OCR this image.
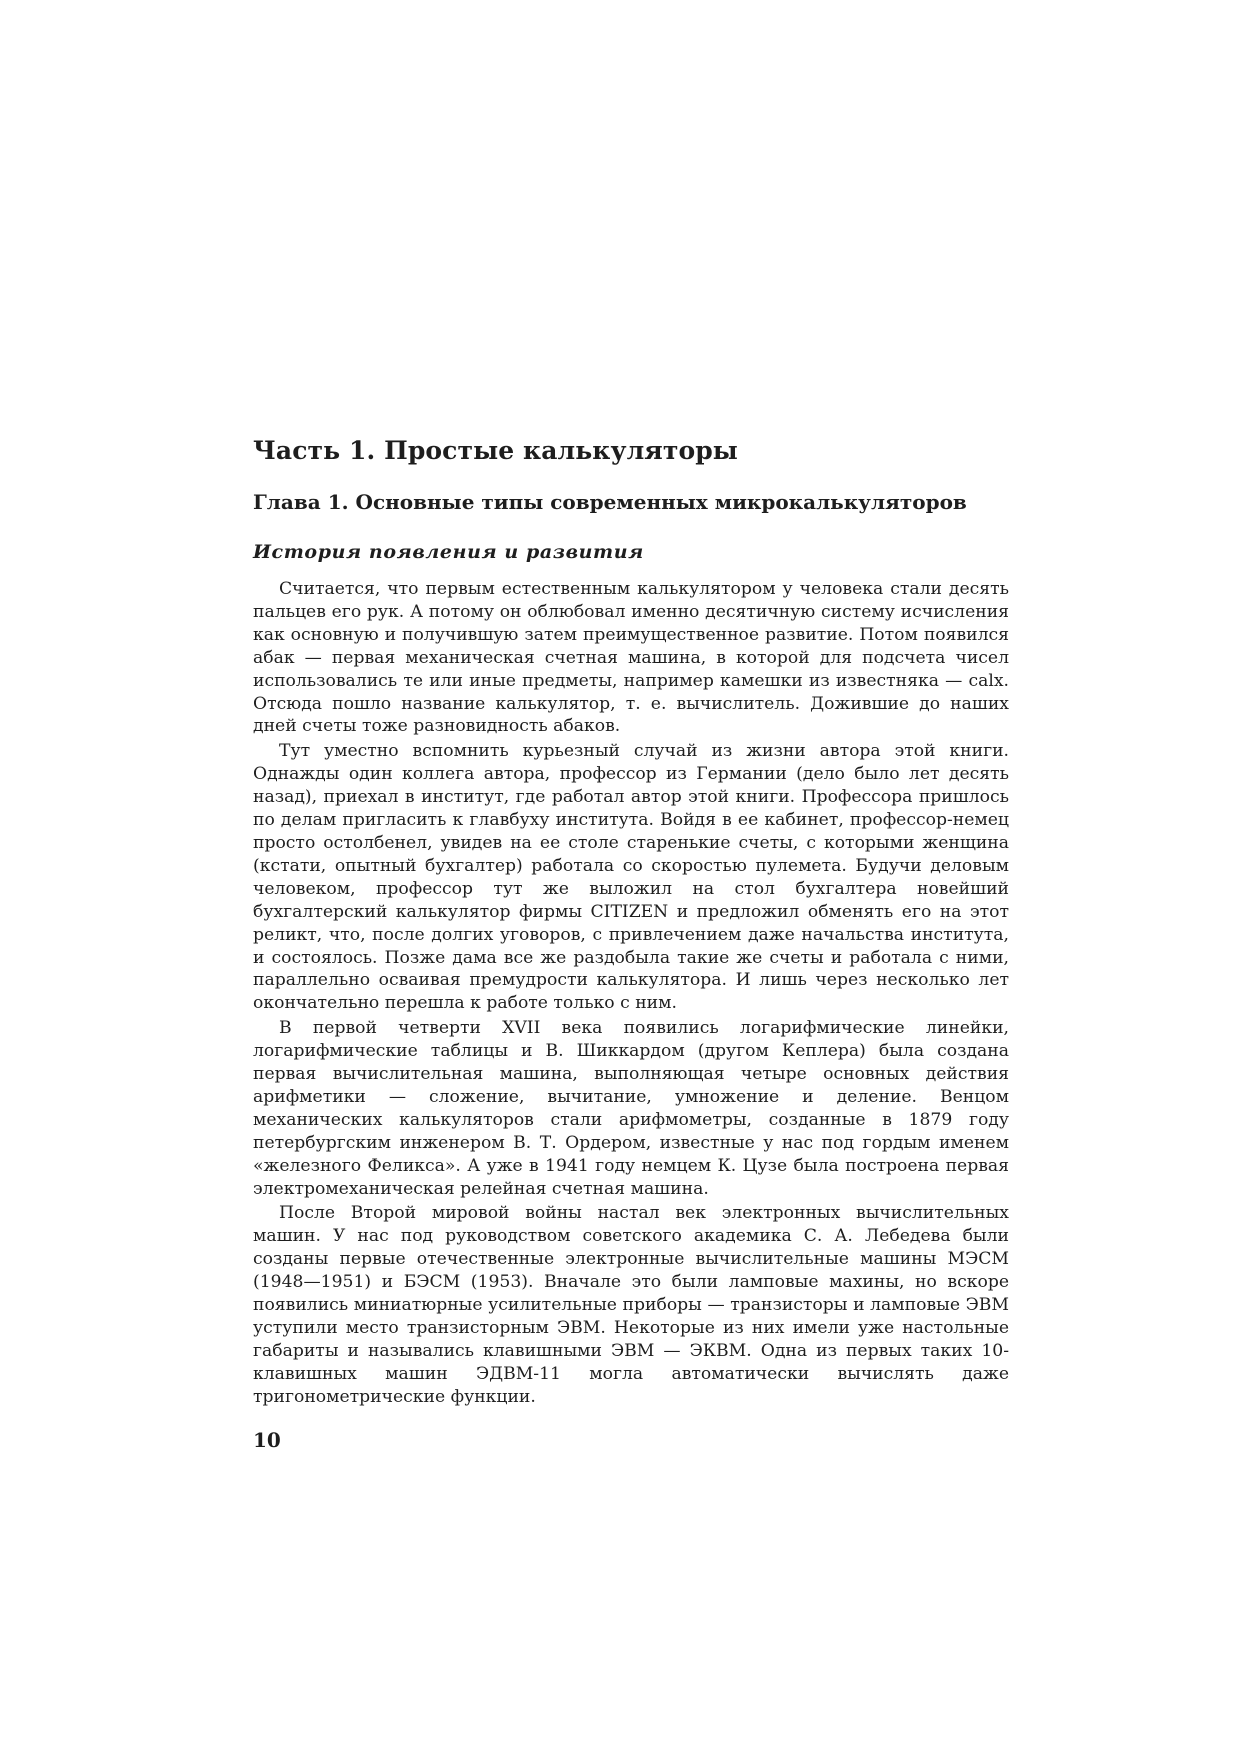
Часть 1. Простые калькуляторы
Глава 1. Основные типы современных микрокалькуляторов
История появления и развития

Считается, что первым естественным калькулятором у человека стали десять пальцев его рук. А потому он облюбовал именно десятичную систему исчисления как основную и получившую затем преимущественное развитие. Потом появился абак — первая механическая счетная машина, в которой для подсчета чисел использовались те или иные предметы, например камешки из известняка — calx. Отсюда пошло название калькулятор, т. е. вычислитель. Дожившие до наших дней счеты тоже разновидность абаков.

Тут уместно вспомнить курьезный случай из жизни автора этой книги. Однажды один коллега автора, профессор из Германии (дело было лет десять назад), приехал в институт, где работал автор этой книги. Профессора пришлось по делам пригласить к главбуху института. Войдя в ее кабинет, профессор-немец просто остолбенел, увидев на ее столе старенькие счеты, с которыми женщина (кстати, опытный бухгалтер) работала со скоростью пулемета. Будучи деловым человеком, профессор тут же выложил на стол бухгалтера новейший бухгалтерский калькулятор фирмы CITIZEN и предложил обменять его на этот реликт, что, после долгих уговоров, с привлечением даже начальства института, и состоялось. Позже дама все же раздобыла такие же счеты и работала с ними, параллельно осваивая премудрости калькулятора. И лишь через несколько лет окончательно перешла к работе только с ним.

В первой четверти XVII века появились логарифмические линейки, логарифмические таблицы и В. Шиккардом (другом Кеплера) была создана первая вычислительная машина, выполняющая четыре основных действия арифметики — сложение, вычитание, умножение и деление. Венцом механических калькуляторов стали арифмометры, созданные в 1879 году петербургским инженером В. Т. Ордером, известные у нас под гордым именем «железного Феликса». А уже в 1941 году немцем К. Цузе была построена первая электромеханическая релейная счетная машина.

После Второй мировой войны настал век электронных вычислительных машин. У нас под руководством советского академика С. А. Лебедева были созданы первые отечественные электронные вычислительные машины МЭСМ (1948—1951) и БЭСМ (1953). Вначале это были ламповые махины, но вскоре появились миниатюрные усилительные приборы — транзисторы и ламповые ЭВМ уступили место транзисторным ЭВМ. Некоторые из них имели уже настольные габариты и назывались клавишными ЭВМ — ЭКВМ. Одна из первых таких 10-клавишных машин ЭДВМ-11 могла автоматически вычислять даже тригонометрические функции.

10
